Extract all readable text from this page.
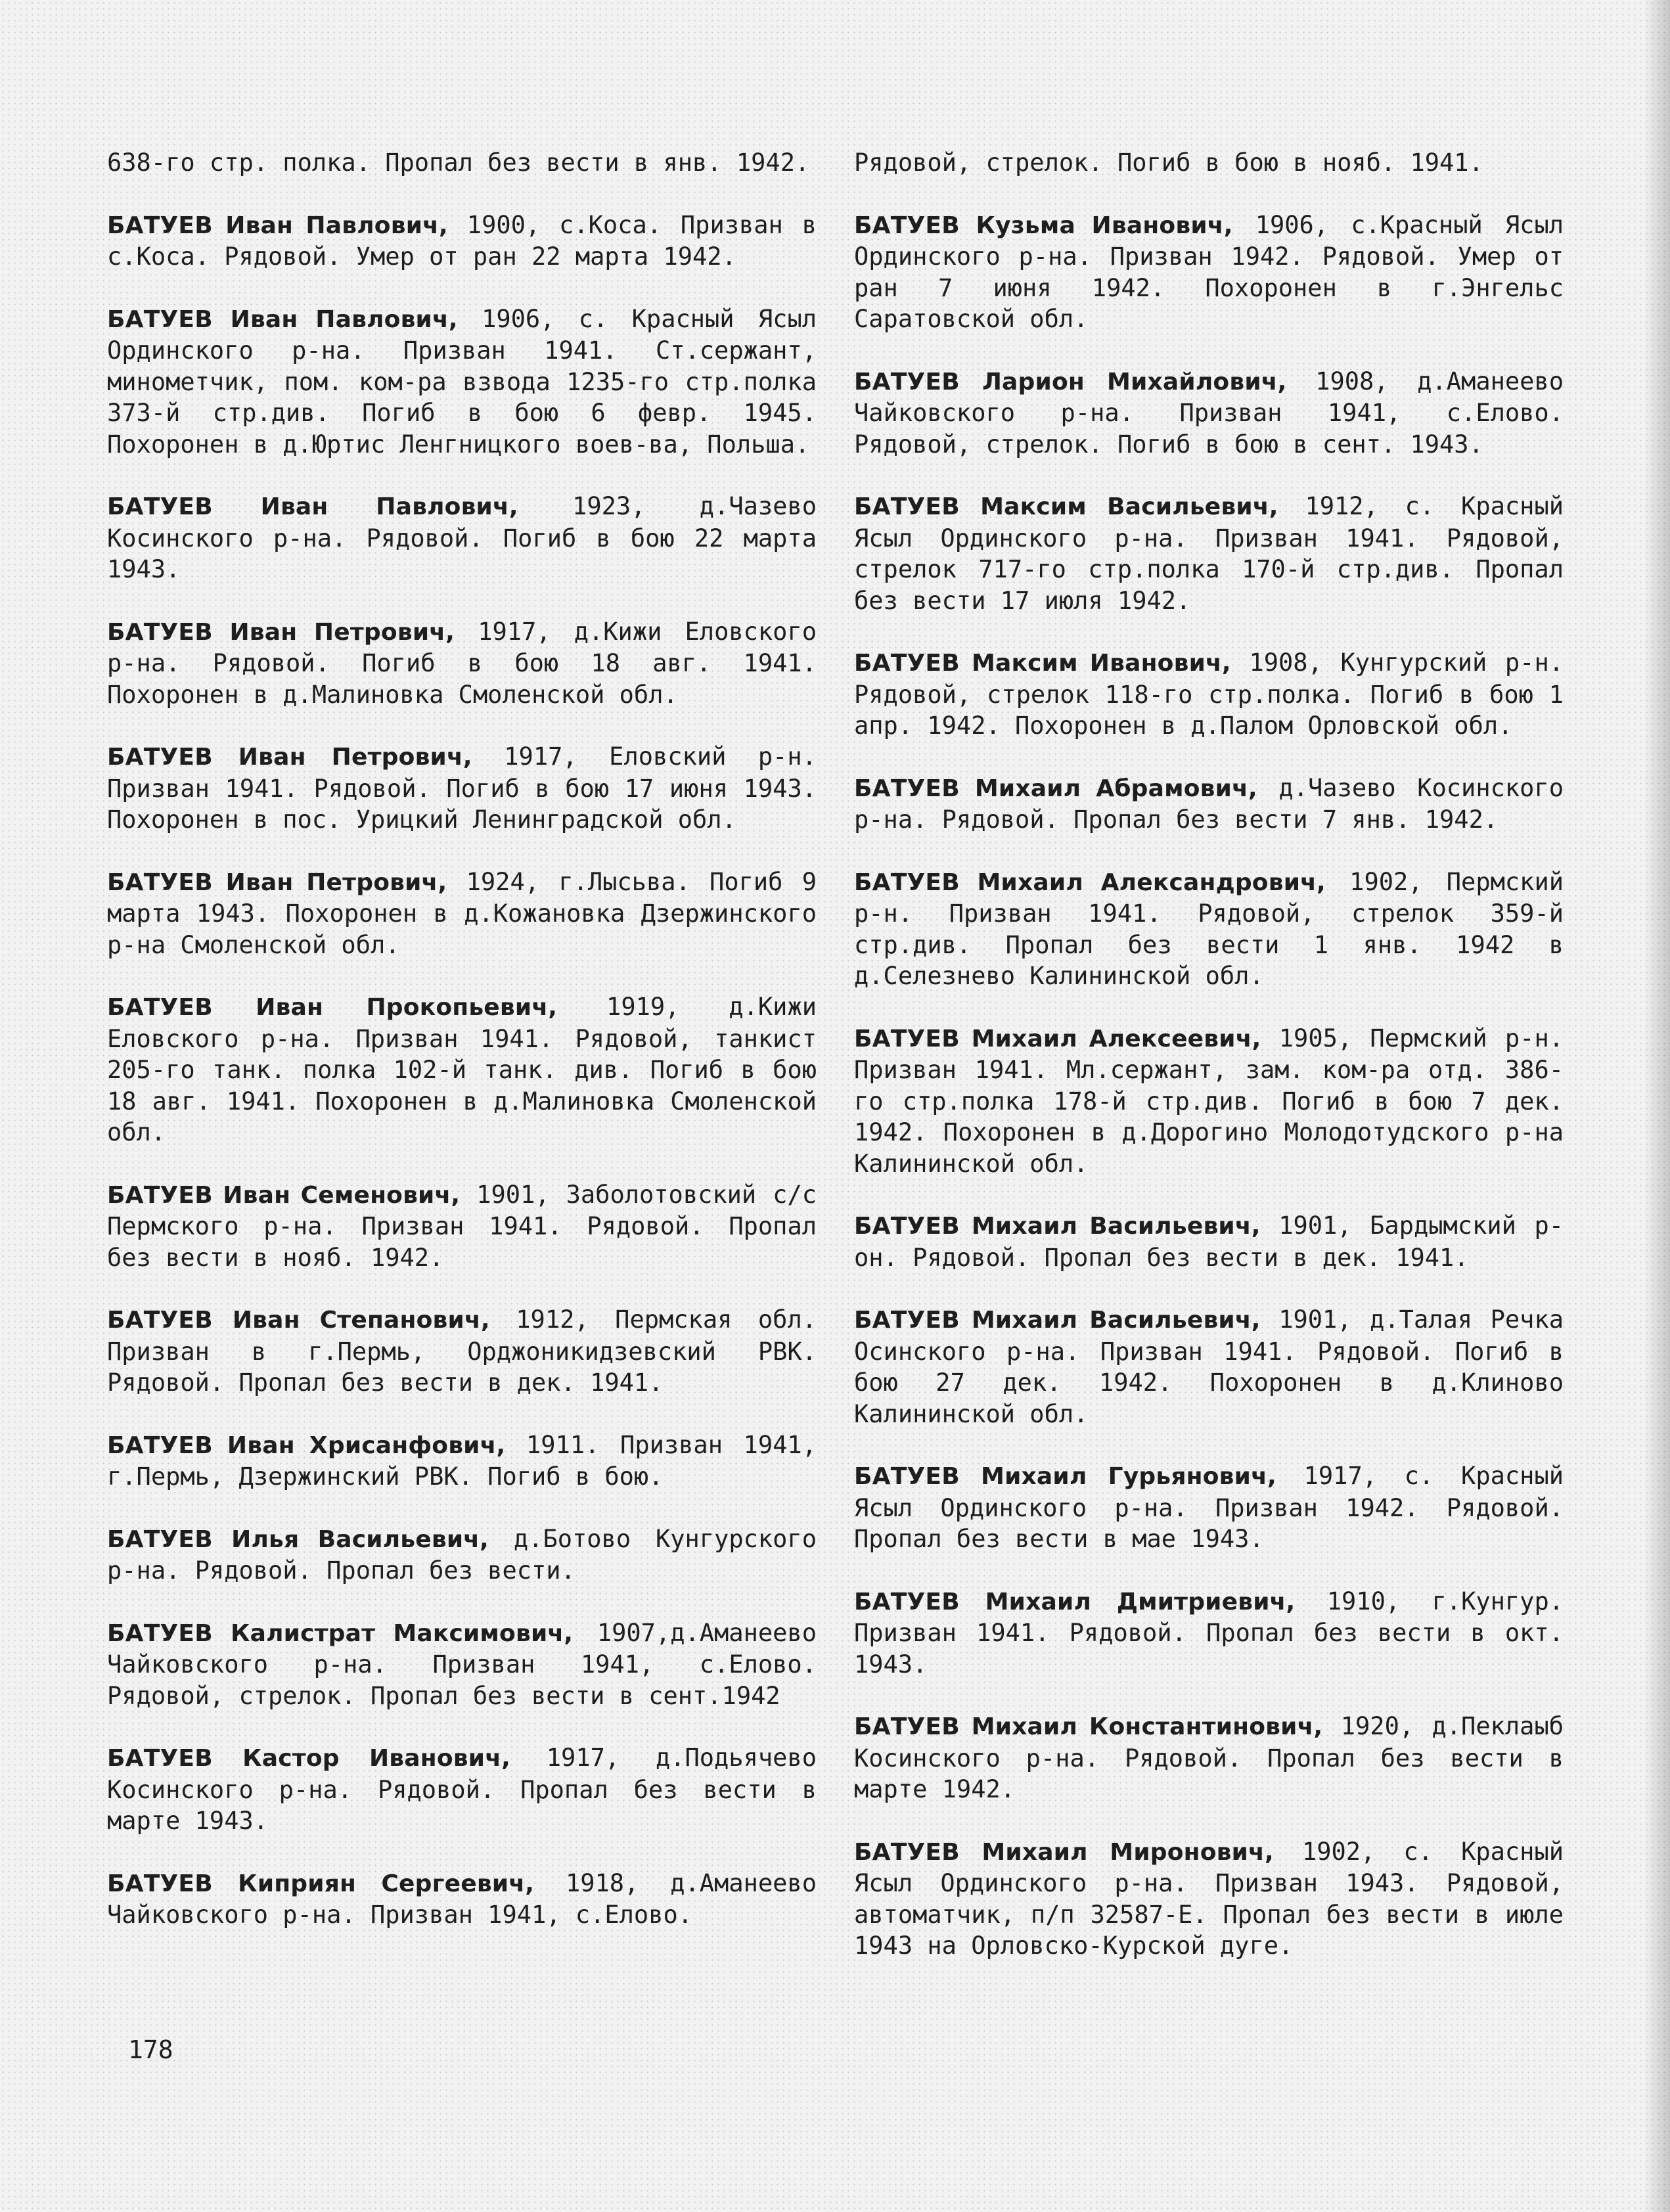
638-го стр. полка. Пропал без вести в янв. 1942.

БАТУЕВ Иван Павлович, 1900, с.Коса. Призван в с.Коса. Рядовой. Умер от ран 22 марта 1942.

БАТУЕВ Иван Павлович, 1906, с. Красный Ясыл Ординского р-на. Призван 1941. Ст.сержант, минометчик, пом. ком-ра взвода 1235-го стр.полка 373-й стр.див. Погиб в бою 6 февр. 1945. Похоронен в д.Юртис Ленгницкого воев-ва, Польша.

БАТУЕВ Иван Павлович, 1923, д.Чазево Косинского р-на. Рядовой. Погиб в бою 22 марта 1943.

БАТУЕВ Иван Петрович, 1917, д.Кижи Еловского р-на. Рядовой. Погиб в бою 18 авг. 1941. Похоронен в д.Малиновка Смоленской обл.

БАТУЕВ Иван Петрович, 1917, Еловский р-н. Призван 1941. Рядовой. Погиб в бою 17 июня 1943. Похоронен в пос. Урицкий Ленинградской обл.

БАТУЕВ Иван Петрович, 1924, г.Лысьва. Погиб 9 марта 1943. Похоронен в д.Кожановка Дзержинского р-на Смоленской обл.

БАТУЕВ Иван Прокопьевич, 1919, д.Кижи Еловского р-на. Призван 1941. Рядовой, танкист 205-го танк. полка 102-й танк. див. Погиб в бою 18 авг. 1941. Похоронен в д.Малиновка Смоленской обл.

БАТУЕВ Иван Семенович, 1901, Заболотовский с/с Пермского р-на. Призван 1941. Рядовой. Пропал без вести в нояб. 1942.

БАТУЕВ Иван Степанович, 1912, Пермская обл. Призван в г.Пермь, Орджоникидзевский РВК. Рядовой. Пропал без вести в дек. 1941.

БАТУЕВ Иван Хрисанфович, 1911. Призван 1941, г.Пермь, Дзержинский РВК. Погиб в бою.

БАТУЕВ Илья Васильевич, д.Ботово Кунгурского р-на. Рядовой. Пропал без вести.

БАТУЕВ Калистрат Максимович, 1907,д.Аманеево Чайковского р-на. Призван 1941, с.Елово. Рядовой, стрелок. Пропал без вести в сент.1942

БАТУЕВ Кастор Иванович, 1917, д.Подьячево Косинского р-на. Рядовой. Пропал без вести в марте 1943.

БАТУЕВ Киприян Сергеевич, 1918, д.Аманеево Чайковского р-на. Призван 1941, с.Елово.

Рядовой, стрелок. Погиб в бою в нояб. 1941.

БАТУЕВ Кузьма Иванович, 1906, с.Красный Ясыл Ординского р-на. Призван 1942. Рядовой. Умер от ран 7 июня 1942. Похоронен в г.Энгельс Саратовской обл.

БАТУЕВ Ларион Михайлович, 1908, д.Аманеево Чайковского р-на. Призван 1941, с.Елово. Рядовой, стрелок. Погиб в бою в сент. 1943.

БАТУЕВ Максим Васильевич, 1912, с. Красный Ясыл Ординского р-на. Призван 1941. Рядовой, стрелок 717-го стр.полка 170-й стр.див. Пропал без вести 17 июля 1942.

БАТУЕВ Максим Иванович, 1908, Кунгурский р-н. Рядовой, стрелок 118-го стр.полка. Погиб в бою 1 апр. 1942. Похоронен в д.Палом Орловской обл.

БАТУЕВ Михаил Абрамович, д.Чазево Косинского р-на. Рядовой. Пропал без вести 7 янв. 1942.

БАТУЕВ Михаил Александрович, 1902, Пермский р-н. Призван 1941. Рядовой, стрелок 359-й стр.див. Пропал без вести 1 янв. 1942 в д.Селезнево Калининской обл.

БАТУЕВ Михаил Алексеевич, 1905, Пермский р-н. Призван 1941. Мл.сержант, зам. ком-ра отд. 386-го стр.полка 178-й стр.див. Погиб в бою 7 дек. 1942. Похоронен в д.Дорогино Молодотудского р-на Калининской обл.

БАТУЕВ Михаил Васильевич, 1901, Бардымский р-он. Рядовой. Пропал без вести в дек. 1941.

БАТУЕВ Михаил Васильевич, 1901, д.Талая Речка Осинского р-на. Призван 1941. Рядовой. Погиб в бою 27 дек. 1942. Похоронен в д.Клиново Калининской обл.

БАТУЕВ Михаил Гурьянович, 1917, с. Красный Ясыл Ординского р-на. Призван 1942. Рядовой. Пропал без вести в мае 1943.

БАТУЕВ Михаил Дмитриевич, 1910, г.Кунгур. Призван 1941. Рядовой. Пропал без вести в окт. 1943.

БАТУЕВ Михаил Константинович, 1920, д.Пеклаыб Косинского р-на. Рядовой. Пропал без вести в марте 1942.

БАТУЕВ Михаил Миронович, 1902, с. Красный Ясыл Ординского р-на. Призван 1943. Рядовой, автоматчик, п/п 32587-Е. Пропал без вести в июле 1943 на Орловско-Курской дуге.

178
